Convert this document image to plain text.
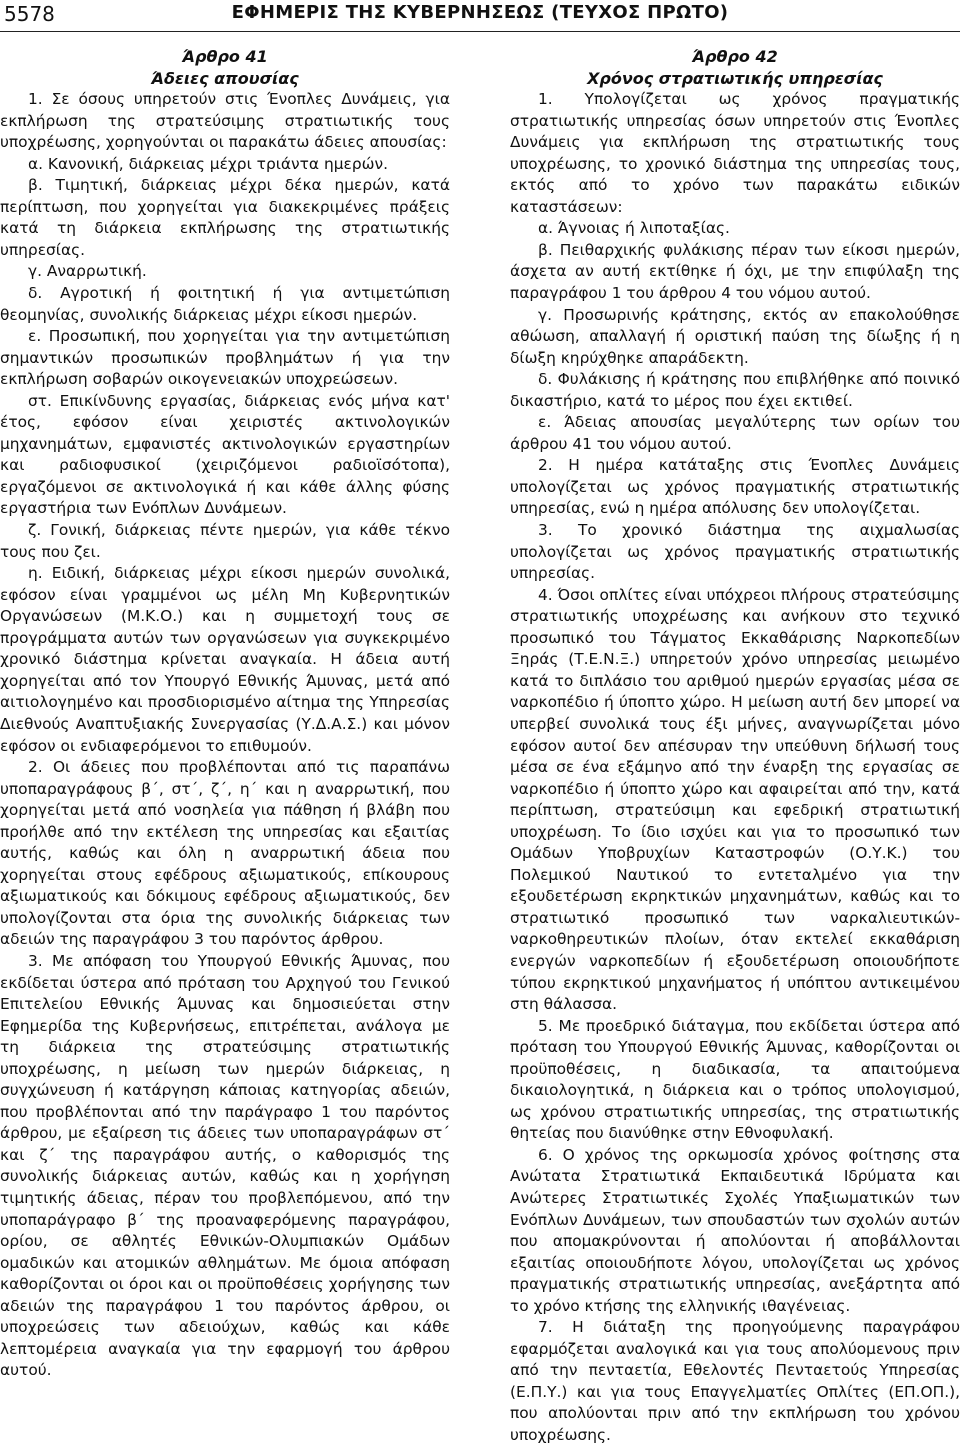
5578	ΕΦΗΜΕΡΙΣ ΤΗΣ ΚΥΒΕΡΝΗΣΕΩΣ (ΤΕΥΧΟΣ ΠΡΩΤΟ)
Άρθρο 41
Άδειες απουσίας

1. Σε όσους υπηρετούν στις Ένοπλες Δυνάμεις, για εκπλήρωση της στρατεύσιμης στρατιωτικής τους υποχρέωσης, χορηγούνται οι παρακάτω άδειες απουσίας:

α. Κανονική, διάρκειας μέχρι τριάντα ημερών.

β. Τιμητική, διάρκειας μέχρι δέκα ημερών, κατά περίπτωση, που χορηγείται για διακεκριμένες πράξεις κατά τη διάρκεια εκπλήρωσης της στρατιωτικής υπηρεσίας.

γ. Αναρρωτική.

δ. Αγροτική ή φοιτητική ή για αντιμετώπιση θεομηνίας, συνολικής διάρκειας μέχρι είκοσι ημερών.

ε. Προσωπική, που χορηγείται για την αντιμετώπιση σημαντικών προσωπικών προβλημάτων ή για την εκπλήρωση σοβαρών οικογενειακών υποχρεώσεων.

στ. Επικίνδυνης εργασίας, διάρκειας ενός μήνα κατ' έτος, εφόσον είναι χειριστές ακτινολογικών μηχανημάτων, εμφανιστές ακτινολογικών εργαστηρίων και ραδιοφυσικοί (χειριζόμενοι ραδιοϊσότοπα), εργαζόμενοι σε ακτινολογικά ή και κάθε άλλης φύσης εργαστήρια των Ενόπλων Δυνάμεων.

ζ. Γονική, διάρκειας πέντε ημερών, για κάθε τέκνο τους που ζει.

η. Ειδική, διάρκειας μέχρι είκοσι ημερών συνολικά, εφόσον είναι γραμμένοι ως μέλη Μη Κυβερνητικών Οργανώσεων (Μ.Κ.Ο.) και η συμμετοχή τους σε προγράμματα αυτών των οργανώσεων για συγκεκριμένο χρονικό διάστημα κρίνεται αναγκαία. Η άδεια αυτή χορηγείται από τον Υπουργό Εθνικής Άμυνας, μετά από αιτιολογημένο και προσδιορισμένο αίτημα της Υπηρεσίας Διεθνούς Αναπτυξιακής Συνεργασίας (Υ.Δ.Α.Σ.) και μόνον εφόσον οι ενδιαφερόμενοι το επιθυμούν.

2. Οι άδειες που προβλέπονται από τις παραπάνω υποπαραγράφους β΄, στ΄, ζ΄, η΄ και η αναρρωτική, που χορηγείται μετά από νοσηλεία για πάθηση ή βλάβη που προήλθε από την εκτέλεση της υπηρεσίας και εξαιτίας αυτής, καθώς και όλη η αναρρωτική άδεια που χορηγείται στους εφέδρους αξιωματικούς, επίκουρους αξιωματικούς και δόκιμους εφέδρους αξιωματικούς, δεν υπολογίζονται στα όρια της συνολικής διάρκειας των αδειών της παραγράφου 3 του παρόντος άρθρου.

3. Με απόφαση του Υπουργού Εθνικής Άμυνας, που εκδίδεται ύστερα από πρόταση του Αρχηγού του Γενικού Επιτελείου Εθνικής Άμυνας και δημοσιεύεται στην Εφημερίδα της Κυβερνήσεως, επιτρέπεται, ανάλογα με τη διάρκεια της στρατεύσιμης στρατιωτικής υποχρέωσης, η μείωση των ημερών διάρκειας, η συγχώνευση ή κατάργηση κάποιας κατηγορίας αδειών, που προβλέπονται από την παράγραφο 1 του παρόντος άρθρου, με εξαίρεση τις άδειες των υποπαραγράφων στ΄ και ζ΄ της παραγράφου αυτής, ο καθορισμός της συνολικής διάρκειας αυτών, καθώς και η χορήγηση τιμητικής άδειας, πέραν του προβλεπόμενου, από την υποπαράγραφο β΄ της προαναφερόμενης παραγράφου, ορίου, σε αθλητές Εθνικών-Ολυμπιακών Ομάδων ομαδικών και ατομικών αθλημάτων. Με όμοια απόφαση καθορίζονται οι όροι και οι προϋποθέσεις χορήγησης των αδειών της παραγράφου 1 του παρόντος άρθρου, οι υποχρεώσεις των αδειούχων, καθώς και κάθε λεπτομέρεια αναγκαία για την εφαρμογή του άρθρου αυτού.

Άρθρο 42
Χρόνος στρατιωτικής υπηρεσίας

1. Υπολογίζεται ως χρόνος πραγματικής στρατιωτικής υπηρεσίας όσων υπηρετούν στις Ένοπλες Δυνάμεις για εκπλήρωση της στρατιωτικής τους υποχρέωσης, το χρονικό διάστημα της υπηρεσίας τους, εκτός από το χρόνο των παρακάτω ειδικών καταστάσεων:

α. Άγνοιας ή λιποταξίας.

β. Πειθαρχικής φυλάκισης πέραν των είκοσι ημερών, άσχετα αν αυτή εκτίθηκε ή όχι, με την επιφύλαξη της παραγράφου 1 του άρθρου 4 του νόμου αυτού.

γ. Προσωρινής κράτησης, εκτός αν επακολούθησε αθώωση, απαλλαγή ή οριστική παύση της δίωξης ή η δίωξη κηρύχθηκε απαράδεκτη.

δ. Φυλάκισης ή κράτησης που επιβλήθηκε από ποινικό δικαστήριο, κατά το μέρος που έχει εκτιθεί.

ε. Άδειας απουσίας μεγαλύτερης των ορίων του άρθρου 41 του νόμου αυτού.

2. Η ημέρα κατάταξης στις Ένοπλες Δυνάμεις υπολογίζεται ως χρόνος πραγματικής στρατιωτικής υπηρεσίας, ενώ η ημέρα απόλυσης δεν υπολογίζεται.

3. Το χρονικό διάστημα της αιχμαλωσίας υπολογίζεται ως χρόνος πραγματικής στρατιωτικής υπηρεσίας.

4. Όσοι οπλίτες είναι υπόχρεοι πλήρους στρατεύσιμης στρατιωτικής υποχρέωσης και ανήκουν στο τεχνικό προσωπικό του Τάγματος Εκκαθάρισης Ναρκοπεδίων Ξηράς (Τ.Ε.Ν.Ξ.) υπηρετούν χρόνο υπηρεσίας μειωμένο κατά το διπλάσιο του αριθμού ημερών εργασίας μέσα σε ναρκοπέδιο ή ύποπτο χώρο. Η μείωση αυτή δεν μπορεί να υπερβεί συνολικά τους έξι μήνες, αναγνωρίζεται μόνο εφόσον αυτοί δεν απέσυραν την υπεύθυνη δήλωσή τους μέσα σε ένα εξάμηνο από την έναρξη της εργασίας σε ναρκοπέδιο ή ύποπτο χώρο και αφαιρείται από την, κατά περίπτωση, στρατεύσιμη και εφεδρική στρατιωτική υποχρέωση. Το ίδιο ισχύει και για το προσωπικό των Ομάδων Υποβρυχίων Καταστροφών (Ο.Υ.Κ.) του Πολεμικού Ναυτικού το εντεταλμένο για την εξουδετέρωση εκρηκτικών μηχανημάτων, καθώς και το στρατιωτικό προσωπικό των ναρκαλιευτικών-ναρκοθηρευτικών πλοίων, όταν εκτελεί εκκαθάριση ενεργών ναρκοπεδίων ή εξουδετέρωση οποιουδήποτε τύπου εκρηκτικού μηχανήματος ή υπόπτου αντικειμένου στη θάλασσα.

5. Με προεδρικό διάταγμα, που εκδίδεται ύστερα από πρόταση του Υπουργού Εθνικής Άμυνας, καθορίζονται οι προϋποθέσεις, η διαδικασία, τα απαιτούμενα δικαιολογητικά, η διάρκεια και ο τρόπος υπολογισμού, ως χρόνου στρατιωτικής υπηρεσίας, της στρατιωτικής θητείας που διανύθηκε στην Εθνοφυλακή.

6. Ο χρόνος της ορκωμοσία χρόνος φοίτησης στα Ανώτατα Στρατιωτικά Εκπαιδευτικά Ιδρύματα και Ανώτερες Στρατιωτικές Σχολές Υπαξιωματικών των Ενόπλων Δυνάμεων, των σπουδαστών των σχολών αυτών που απομακρύνονται ή απολύονται ή αποβάλλονται εξαιτίας οποιουδήποτε λόγου, υπολογίζεται ως χρόνος πραγματικής στρατιωτικής υπηρεσίας, ανεξάρτητα από το χρόνο κτήσης της ελληνικής ιθαγένειας.

7. Η διάταξη της προηγούμενης παραγράφου εφαρμόζεται αναλογικά και για τους απολύομενους πριν από την πενταετία, Εθελοντές Πενταετούς Υπηρεσίας (Ε.Π.Υ.) και για τους Επαγγελματίες Οπλίτες (ΕΠ.ΟΠ.), που απολύονται πριν από την εκπλήρωση του χρόνου υποχρέωσης.
